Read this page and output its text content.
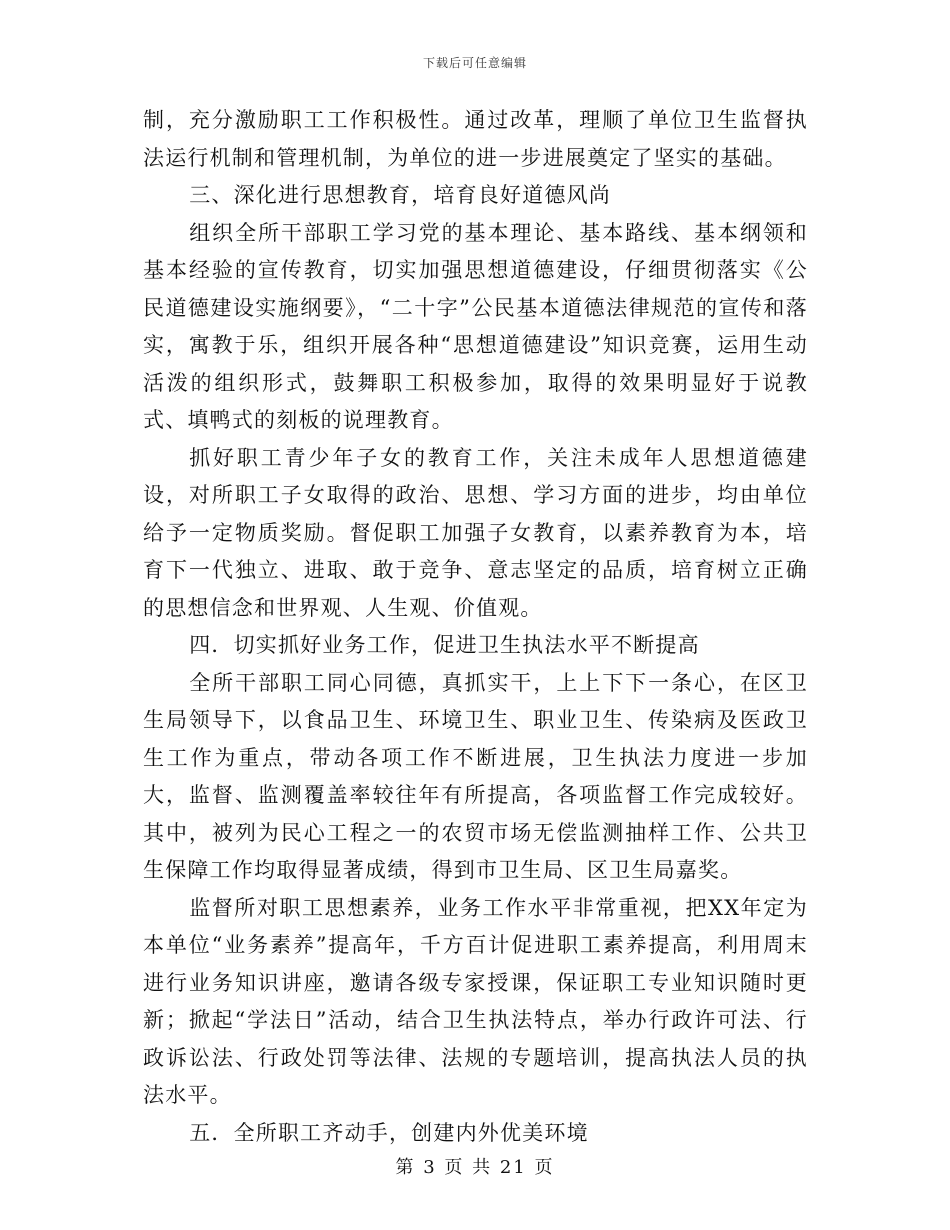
下载后可任意编辑

制，充分激励职工工作积极性。通过改革，理顺了单位卫生监督执法运行机制和管理机制，为单位的进一步进展奠定了坚实的基础。

三、深化进行思想教育，培育良好道德风尚

组织全所干部职工学习党的基本理论、基本路线、基本纲领和基本经验的宣传教育，切实加强思想道德建设，仔细贯彻落实《公民道德建设实施纲要》，“二十字”公民基本道德法律规范的宣传和落实，寓教于乐，组织开展各种“思想道德建设”知识竞赛，运用生动活泼的组织形式，鼓舞职工积极参加，取得的效果明显好于说教式、填鸭式的刻板的说理教育。

抓好职工青少年子女的教育工作，关注未成年人思想道德建设，对所职工子女取得的政治、思想、学习方面的进步，均由单位给予一定物质奖励。督促职工加强子女教育，以素养教育为本，培育下一代独立、进取、敢于竞争、意志坚定的品质，培育树立正确的思想信念和世界观、人生观、价值观。

四．切实抓好业务工作，促进卫生执法水平不断提高

全所干部职工同心同德，真抓实干，上上下下一条心，在区卫生局领导下，以食品卫生、环境卫生、职业卫生、传染病及医政卫生工作为重点，带动各项工作不断进展，卫生执法力度进一步加大，监督、监测覆盖率较往年有所提高，各项监督工作完成较好。其中，被列为民心工程之一的农贸市场无偿监测抽样工作、公共卫生保障工作均取得显著成绩，得到市卫生局、区卫生局嘉奖。

监督所对职工思想素养，业务工作水平非常重视，把XX年定为本单位“业务素养”提高年，千方百计促进职工素养提高，利用周末进行业务知识讲座，邀请各级专家授课，保证职工专业知识随时更新；掀起“学法日”活动，结合卫生执法特点，举办行政许可法、行政诉讼法、行政处罚等法律、法规的专题培训，提高执法人员的执法水平。

五．全所职工齐动手，创建内外优美环境

第 3 页 共 21 页
